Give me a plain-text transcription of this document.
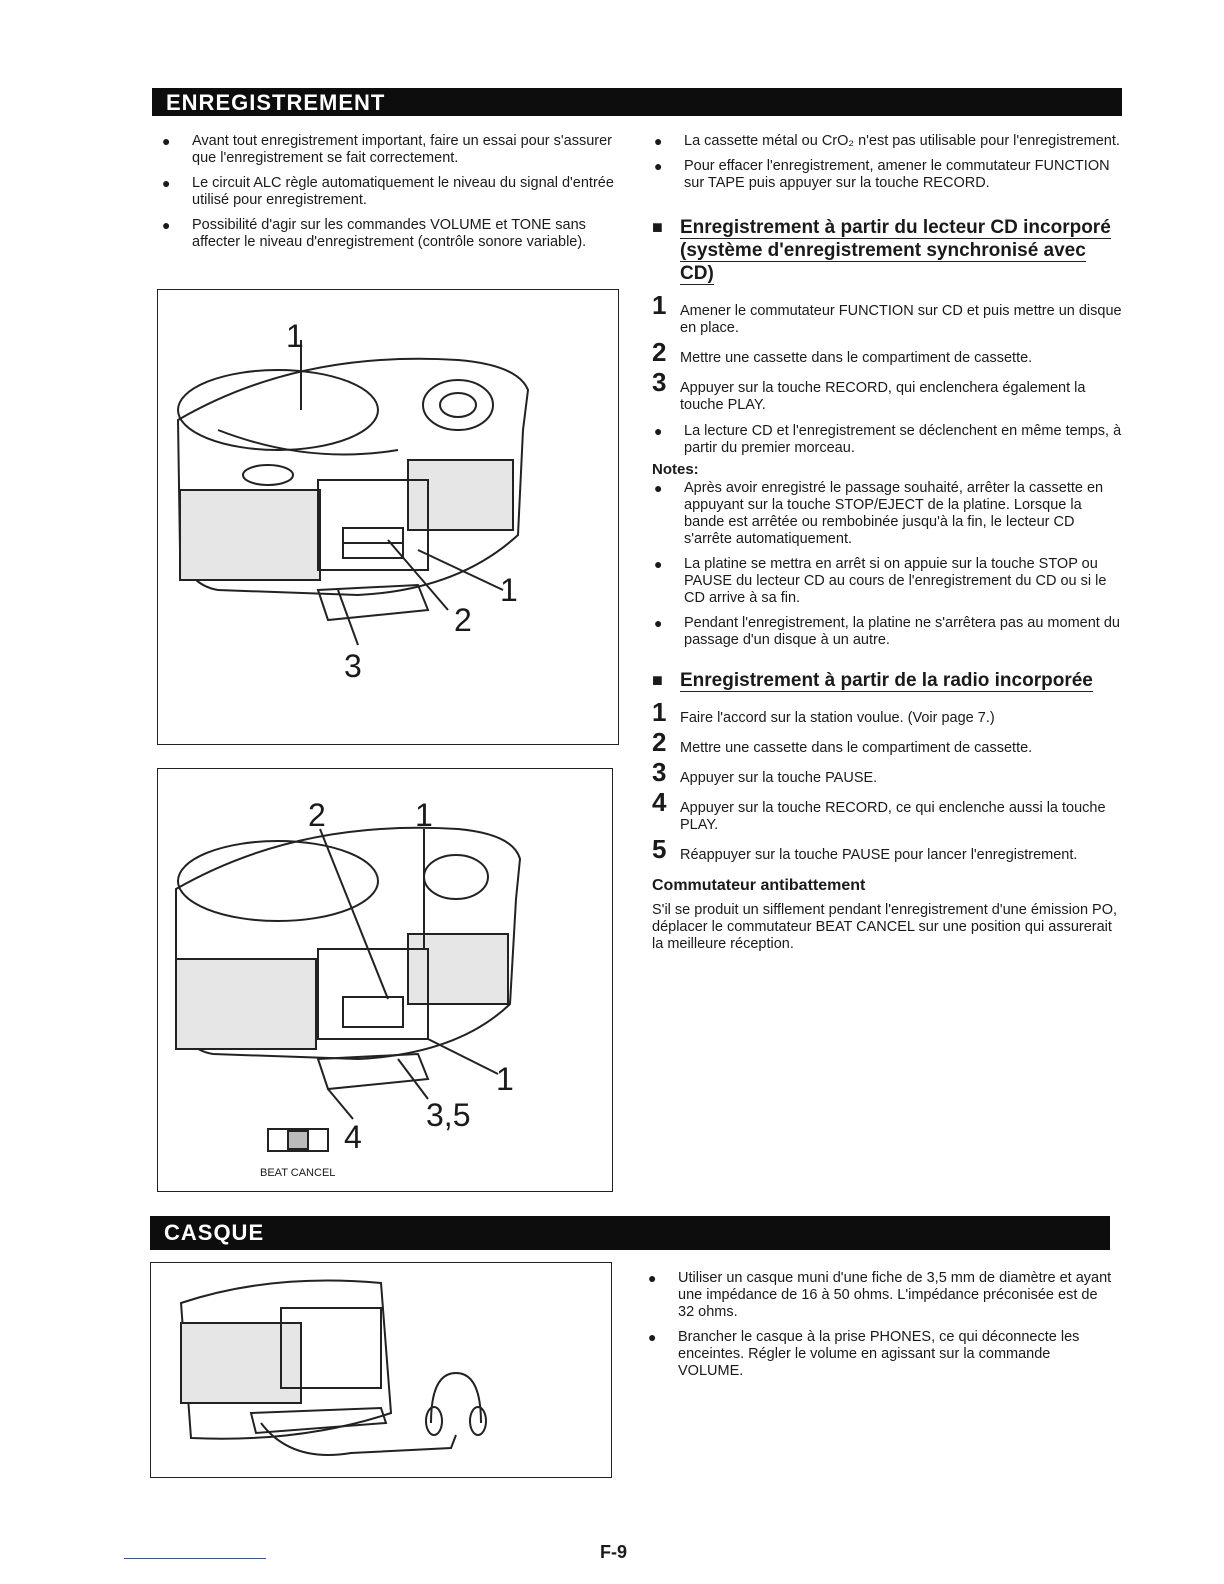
ENREGISTREMENT
CASQUE
● Avant tout enregistrement important, faire un essai pour s'assurer que l'enregistrement se fait correctement.
● Le circuit ALC règle automatiquement le niveau du signal d'entrée utilisé pour enregistrement.
● Possibilité d'agir sur les commandes VOLUME et TONE sans affecter le niveau d'enregistrement (contrôle sonore variable).
1
1
2
3
2	1
1
3,5
4
BEAT CANCEL
● La cassette métal ou CrO₂ n'est pas utilisable pour l'enregistrement.
● Pour effacer l'enregistrement, amener le commutateur FUNCTION sur TAPE puis appuyer sur la touche RECORD.
■ Enregistrement à partir du lecteur CD incorporé (système d'enregistrement synchronisé avec CD)
1 Amener le commutateur FUNCTION sur CD et puis mettre un disque en place.
2 Mettre une cassette dans le compartiment de cassette.
3 Appuyer sur la touche RECORD, qui enclenchera également la touche PLAY.
● La lecture CD et l'enregistrement se déclenchent en même temps, à partir du premier morceau.
Notes:
● Après avoir enregistré le passage souhaité, arrêter la cassette en appuyant sur la touche STOP/EJECT de la platine. Lorsque la bande est arrêtée ou rembobinée jusqu'à la fin, le lecteur CD s'arrête automatiquement.
● La platine se mettra en arrêt si on appuie sur la touche STOP ou PAUSE du lecteur CD au cours de l'enregistrement du CD ou si le CD arrive à sa fin.
● Pendant l'enregistrement, la platine ne s'arrêtera pas au moment du passage d'un disque à un autre.
■ Enregistrement à partir de la radio incorporée
1 Faire l'accord sur la station voulue. (Voir page 7.)
2 Mettre une cassette dans le compartiment de cassette.
3 Appuyer sur la touche PAUSE.
4 Appuyer sur la touche RECORD, ce qui enclenche aussi la touche PLAY.
5 Réappuyer sur la touche PAUSE pour lancer l'enregistrement.
Commutateur antibattement
S'il se produit un sifflement pendant l'enregistrement d'une émission PO, déplacer le commutateur BEAT CANCEL sur une position qui assurerait la meilleure réception.
● Utiliser un casque muni d'une fiche de 3,5 mm de diamètre et ayant une impédance de 16 à 50 ohms. L'impédance préconisée est de 32 ohms.
● Brancher le casque à la prise PHONES, ce qui déconnecte les enceintes. Régler le volume en agissant sur la commande VOLUME.
F-9
